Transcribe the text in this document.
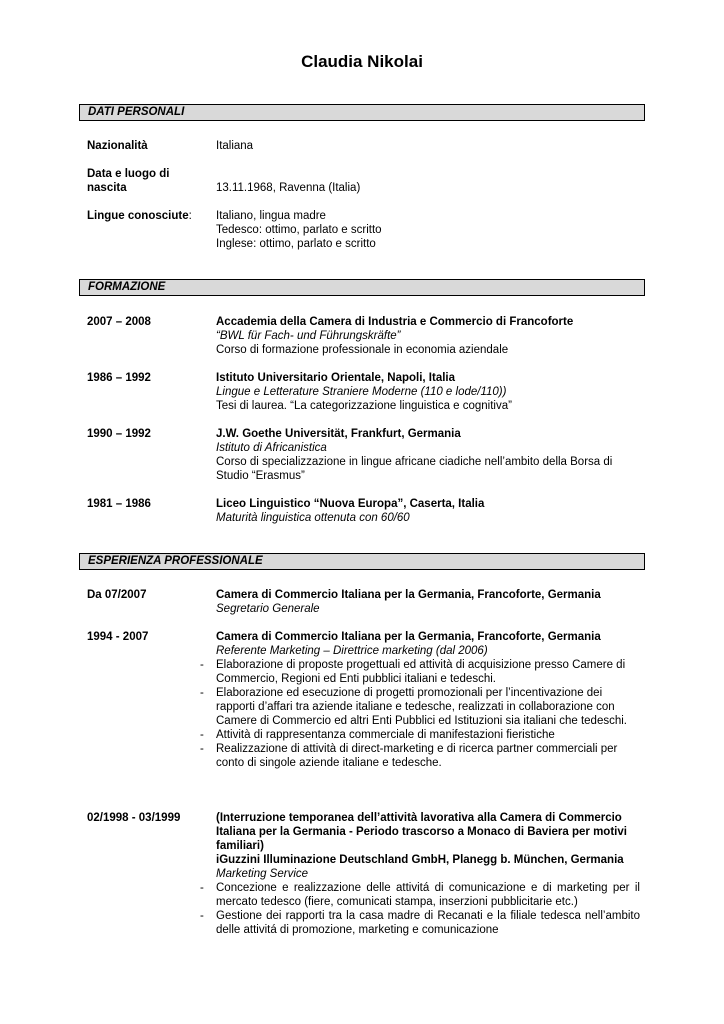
Claudia Nikolai
DATI PERSONALI
Nazionalità	Italiana
Data e luogo di
nascita	13.11.1968, Ravenna (Italia)
Lingue conosciute: Italiano, lingua madre
Tedesco: ottimo, parlato e scritto
Inglese: ottimo, parlato e scritto
FORMAZIONE
2007 – 2008	Accademia della Camera di Industria e Commercio di Francoforte
“BWL für Fach- und Führungskräfte”
Corso di formazione professionale in economia aziendale
1986 – 1992	Istituto Universitario Orientale, Napoli, Italia
Lingue e Letterature Straniere Moderne (110 e lode/110))
Tesi di laurea. “La categorizzazione linguistica e cognitiva”
1990 – 1992	J.W. Goethe Universität, Frankfurt, Germania
Istituto di Africanistica
Corso di specializzazione in lingue africane ciadiche nell’ambito della Borsa di Studio “Erasmus”
1981 – 1986	Liceo Linguistico “Nuova Europa”, Caserta, Italia
Maturità linguistica ottenuta con 60/60
ESPERIENZA PROFESSIONALE
Da 07/2007	Camera di Commercio Italiana per la Germania, Francoforte, Germania
Segretario Generale
1994 - 2007	Camera di Commercio Italiana per la Germania, Francoforte, Germania
Referente Marketing – Direttrice marketing (dal 2006)
- Elaborazione di proposte progettuali ed attività di acquisizione presso Camere di Commercio, Regioni ed Enti pubblici italiani e tedeschi.
- Elaborazione ed esecuzione di progetti promozionali per l’incentivazione dei rapporti d’affari tra aziende italiane e tedesche, realizzati in collaborazione con Camere di Commercio ed altri Enti Pubblici ed Istituzioni sia italiani che tedeschi.
- Attività di rappresentanza commerciale di manifestazioni fieristiche
- Realizzazione di attività di direct-marketing e di ricerca partner commerciali per conto di singole aziende italiane e tedesche.
02/1998 - 03/1999	(Interruzione temporanea dell’attività lavorativa alla Camera di Commercio Italiana per la Germania - Periodo trascorso a Monaco di Baviera per motivi familiari)
iGuzzini Illuminazione Deutschland GmbH, Planegg b. München, Germania
Marketing Service
- Concezione e realizzazione delle attivitá di comunicazione e di marketing per il mercato tedesco (fiere, comunicati stampa, inserzioni pubblicitarie etc.)
- Gestione dei rapporti tra la casa madre di Recanati e la filiale tedesca nell’ambito delle attivitá di promozione, marketing e comunicazione
